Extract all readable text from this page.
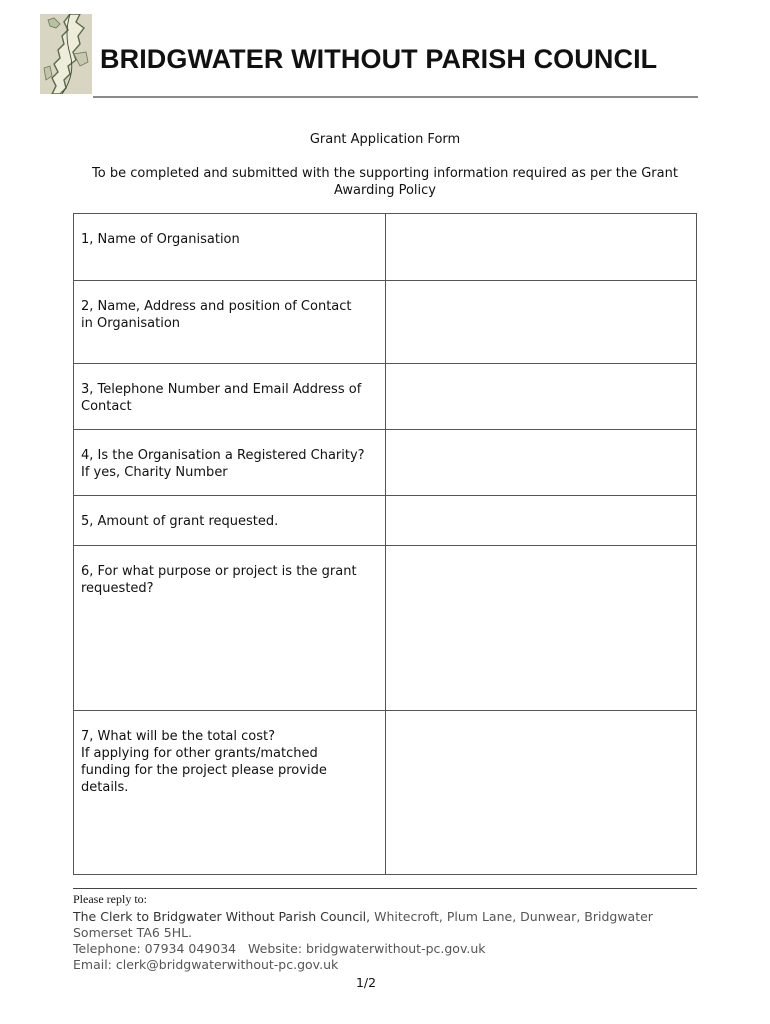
BRIDGWATER WITHOUT PARISH COUNCIL
Grant Application Form
To be completed and submitted with the supporting information required as per the Grant Awarding Policy
1, Name of Organisation
2, Name, Address and position of Contact
in Organisation
3, Telephone Number and Email Address of
Contact
4, Is the Organisation a Registered Charity?
If yes, Charity Number
5, Amount of grant requested.
6, For what purpose or project is the grant
requested?
7, What will be the total cost?
If applying for other grants/matched
funding for the project please provide
details.
Please reply to:
The Clerk to Bridgwater Without Parish Council, Whitecroft, Plum Lane, Dunwear, Bridgwater Somerset TA6 5HL.
Telephone: 07934 049034 Website: bridgwaterwithout-pc.gov.uk
Email: clerk@bridgwaterwithout-pc.gov.uk
1/2
